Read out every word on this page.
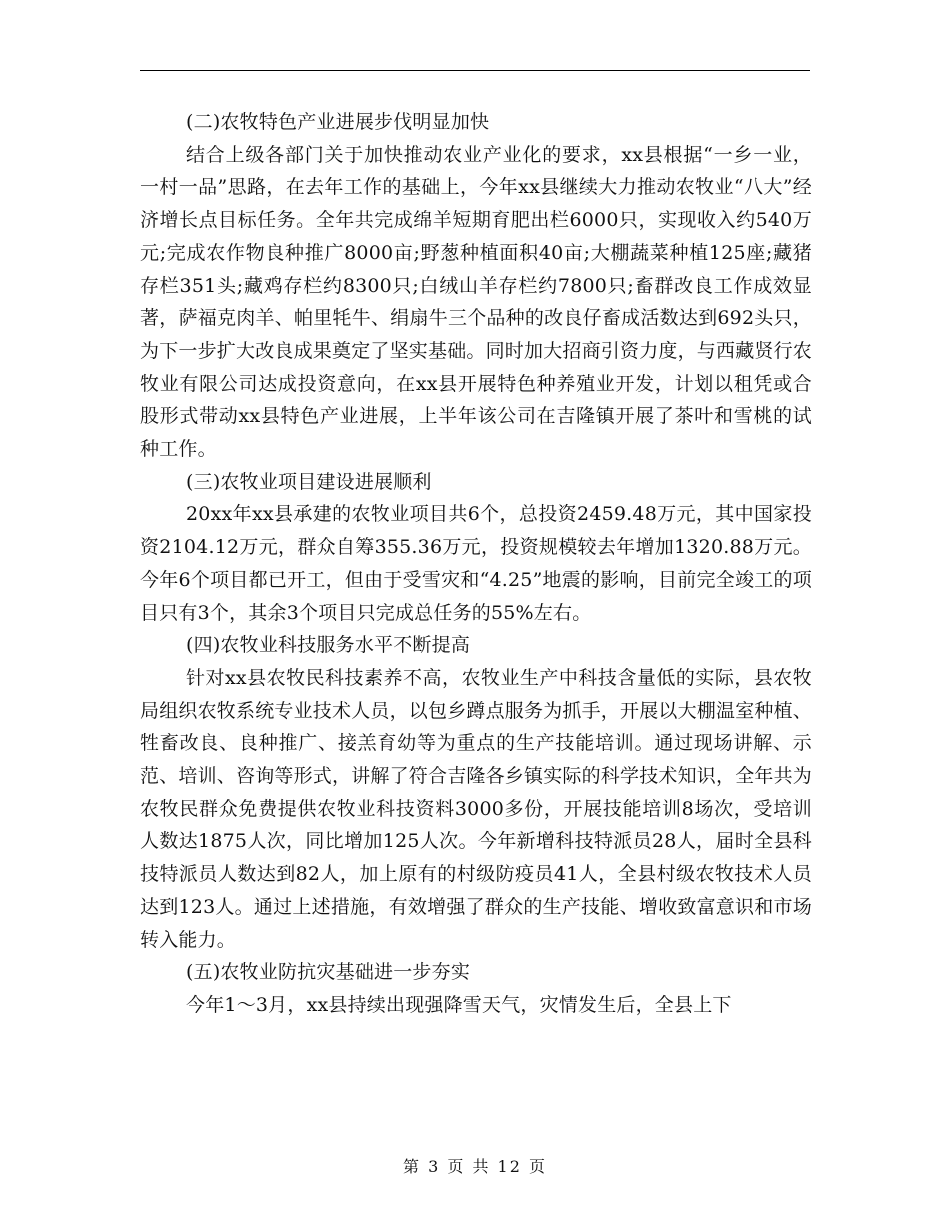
(二)农牧特色产业进展步伐明显加快

结合上级各部门关于加快推动农业产业化的要求，xx县根据“一乡一业，一村一品”思路，在去年工作的基础上，今年xx县继续大力推动农牧业“八大”经济增长点目标任务。全年共完成绵羊短期育肥出栏6000只，实现收入约540万元;完成农作物良种推广8000亩;野葱种植面积40亩;大棚蔬菜种植125座;藏猪存栏351头;藏鸡存栏约8300只;白绒山羊存栏约7800只;畜群改良工作成效显著，萨福克肉羊、帕里牦牛、绢扇牛三个品种的改良仔畜成活数达到692头只，为下一步扩大改良成果奠定了坚实基础。同时加大招商引资力度，与西藏贤行农牧业有限公司达成投资意向，在xx县开展特色种养殖业开发，计划以租凭或合股形式带动xx县特色产业进展，上半年该公司在吉隆镇开展了茶叶和雪桃的试种工作。

(三)农牧业项目建设进展顺利

20xx年xx县承建的农牧业项目共6个，总投资2459.48万元，其中国家投资2104.12万元，群众自筹355.36万元，投资规模较去年增加1320.88万元。今年6个项目都已开工，但由于受雪灾和“4.25”地震的影响，目前完全竣工的项目只有3个，其余3个项目只完成总任务的55%左右。

(四)农牧业科技服务水平不断提高

针对xx县农牧民科技素养不高，农牧业生产中科技含量低的实际，县农牧局组织农牧系统专业技术人员，以包乡蹲点服务为抓手，开展以大棚温室种植、牲畜改良、良种推广、接羔育幼等为重点的生产技能培训。通过现场讲解、示范、培训、咨询等形式，讲解了符合吉隆各乡镇实际的科学技术知识，全年共为农牧民群众免费提供农牧业科技资料3000多份，开展技能培训8场次，受培训人数达1875人次，同比增加125人次。今年新增科技特派员28人，届时全县科技特派员人数达到82人，加上原有的村级防疫员41人，全县村级农牧技术人员达到123人。通过上述措施，有效增强了群众的生产技能、增收致富意识和市场转入能力。

(五)农牧业防抗灾基础进一步夯实

今年1～3月，xx县持续出现强降雪天气，灾情发生后，全县上下

第 3 页 共 12 页
